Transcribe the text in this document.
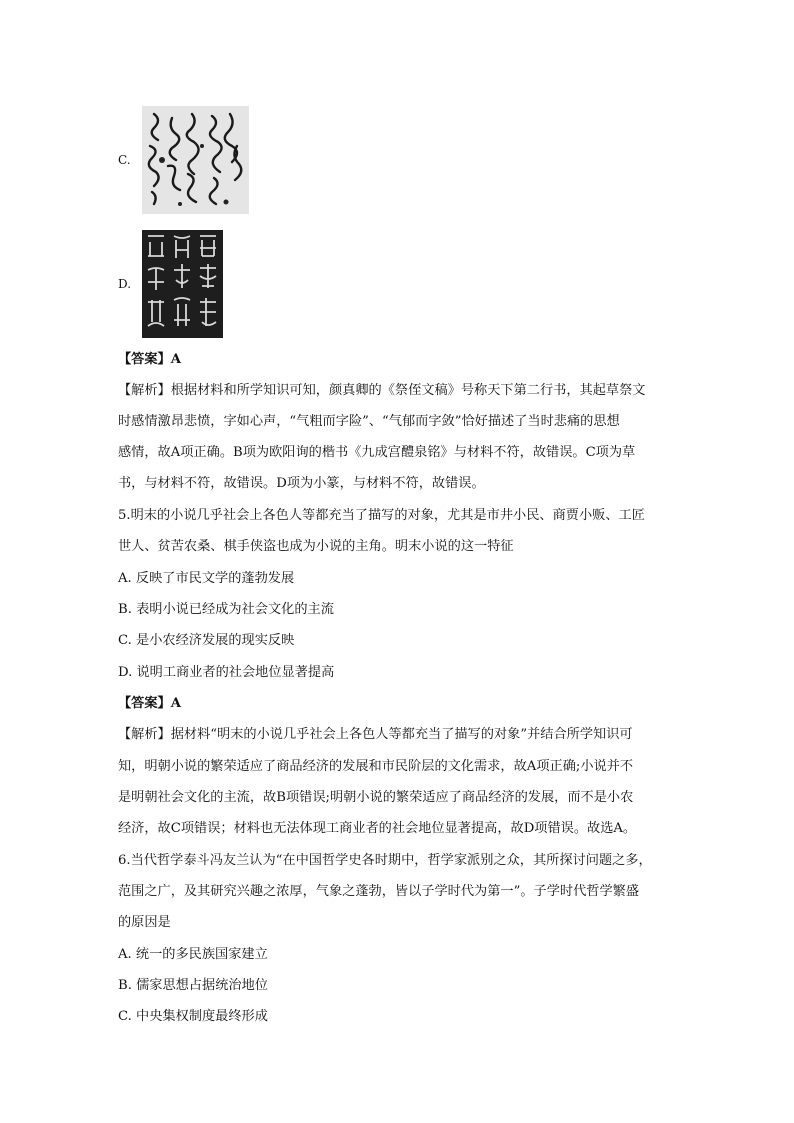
C.
D.
【答案】A
【解析】根据材料和所学知识可知，颜真卿的《祭侄文稿》号称天下第二行书，其起草祭文
时感情激昂悲愤，字如心声，“气粗而字险”、“气郁而字敛”恰好描述了当时悲痛的思想
感情，故A项正确。B项为欧阳询的楷书《九成宫醴泉铭》与材料不符，故错误。C项为草
书，与材料不符，故错误。D项为小篆，与材料不符，故错误。
5.明末的小说几乎社会上各色人等都充当了描写的对象，尤其是市井小民、商贾小贩、工匠
世人、贫苦农桑、棋手侠盗也成为小说的主角。明末小说的这一特征
A. 反映了市民文学的蓬勃发展
B. 表明小说已经成为社会文化的主流
C. 是小农经济发展的现实反映
D. 说明工商业者的社会地位显著提高
【答案】A
【解析】据材料“明末的小说几乎社会上各色人等都充当了描写的对象”并结合所学知识可
知，明朝小说的繁荣适应了商品经济的发展和市民阶层的文化需求，故A项正确;小说并不
是明朝社会文化的主流，故B项错误;明朝小说的繁荣适应了商品经济的发展，而不是小农
经济，故C项错误；材料也无法体现工商业者的社会地位显著提高，故D项错误。故选A。
6.当代哲学泰斗冯友兰认为“在中国哲学史各时期中，哲学家派别之众，其所探讨问题之多，
范围之广，及其研究兴趣之浓厚，气象之蓬勃，皆以子学时代为第一”。子学时代哲学繁盛
的原因是
A. 统一的多民族国家建立
B. 儒家思想占据统治地位
C. 中央集权制度最终形成
